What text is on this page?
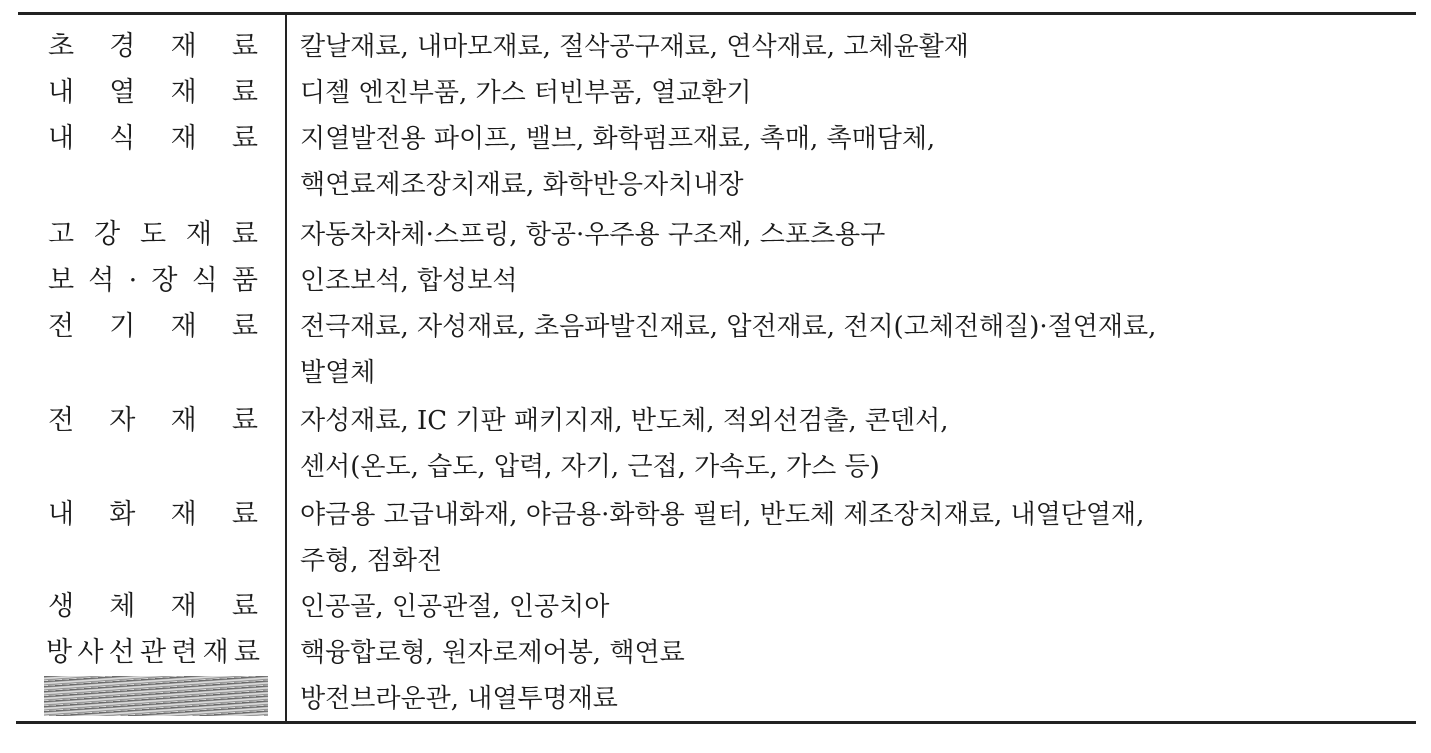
초 경 재 료 칼날재료, 내마모재료, 절삭공구재료, 연삭재료, 고체윤활재
내 열 재 료 디젤 엔진부품, 가스 터빈부품, 열교환기
내 식 재 료 지열발전용 파이프, 밸브, 화학펌프재료, 촉매, 촉매담체,
핵연료제조장치재료, 화학반응자치내장
고 강 도 재 료 자동차차체·스프링, 항공·우주용 구조재, 스포츠용구
보 석 · 장 식 품 인조보석, 합성보석
전 기 재 료 전극재료, 자성재료, 초음파발진재료, 압전재료, 전지(고체전해질)·절연재료,
발열체
전 자 재 료 자성재료, IC 기판 패키지재, 반도체, 적외선검출, 콘덴서,
센서(온도, 습도, 압력, 자기, 근접, 가속도, 가스 등)
내 화 재 료 야금용 고급내화재, 야금용·화학용 필터, 반도체 제조장치재료, 내열단열재,
주형, 점화전
생 체 재 료 인공골, 인공관절, 인공치아
방 사 선 관 련 재 료 핵융합로형, 원자로제어봉, 핵연료
방전브라운관, 내열투명재료
